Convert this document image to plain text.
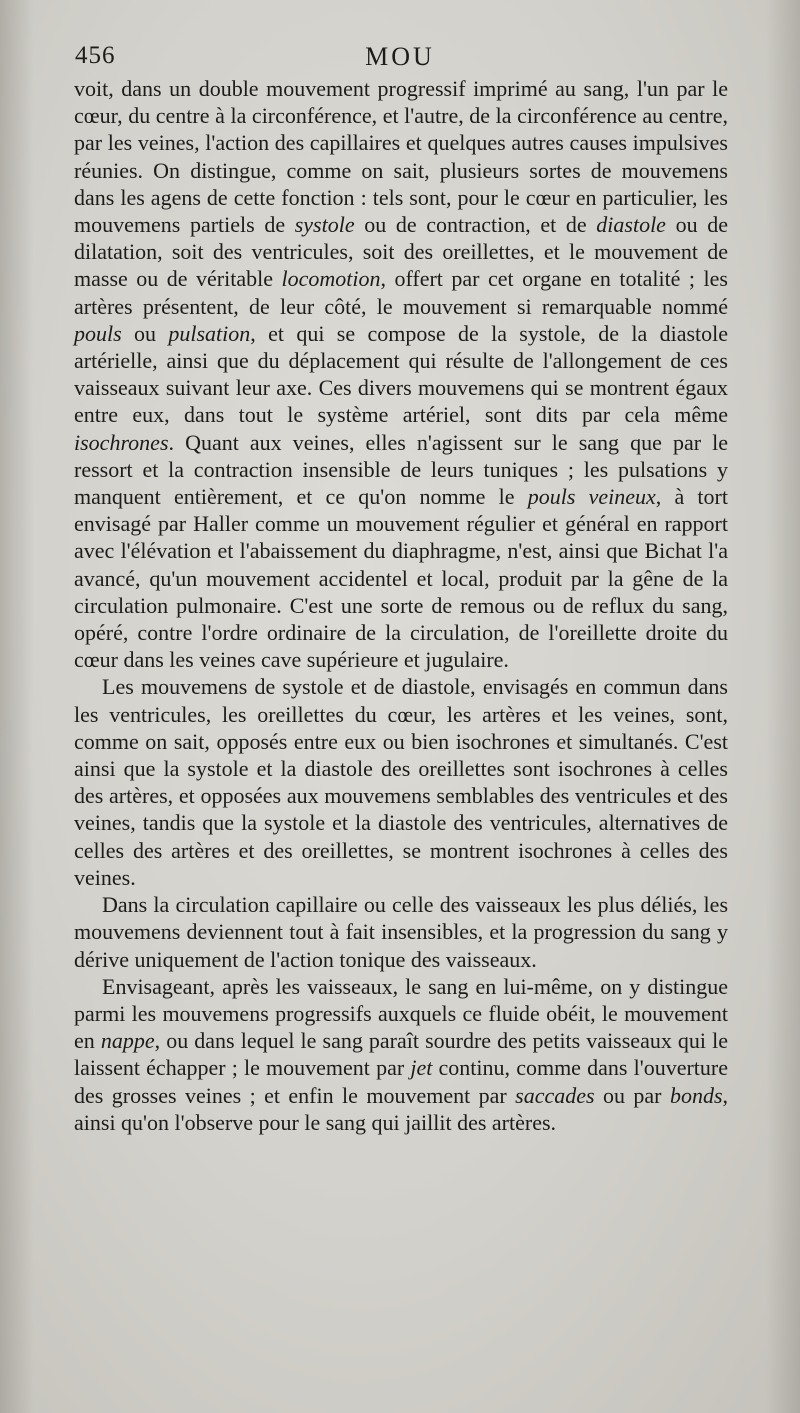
456	MOU

voit, dans un double mouvement progressif imprimé au sang, l'un par le cœur, du centre à la circonférence, et l'autre, de la circonférence au centre, par les veines, l'action des capillaires et quelques autres causes impulsives réunies. On distingue, comme on sait, plusieurs sortes de mouvemens dans les agens de cette fonction : tels sont, pour le cœur en particulier, les mouvemens partiels de systole ou de contraction, et de diastole ou de dilatation, soit des ventricules, soit des oreillettes, et le mouvement de masse ou de véritable locomotion, offert par cet organe en totalité ; les artères présentent, de leur côté, le mouvement si remarquable nommé pouls ou pulsation, et qui se compose de la systole, de la diastole artérielle, ainsi que du déplacement qui résulte de l'allongement de ces vaisseaux suivant leur axe. Ces divers mouvemens qui se montrent égaux entre eux, dans tout le système artériel, sont dits par cela même isochrones. Quant aux veines, elles n'agissent sur le sang que par le ressort et la contraction insensible de leurs tuniques ; les pulsations y manquent entièrement, et ce qu'on nomme le pouls veineux, à tort envisagé par Haller comme un mouvement régulier et général en rapport avec l'élévation et l'abaissement du diaphragme, n'est, ainsi que Bichat l'a avancé, qu'un mouvement accidentel et local, produit par la gêne de la circulation pulmonaire. C'est une sorte de remous ou de reflux du sang, opéré, contre l'ordre ordinaire de la circulation, de l'oreillette droite du cœur dans les veines cave supérieure et jugulaire.

Les mouvemens de systole et de diastole, envisagés en commun dans les ventricules, les oreillettes du cœur, les artères et les veines, sont, comme on sait, opposés entre eux ou bien isochrones et simultanés. C'est ainsi que la systole et la diastole des oreillettes sont isochrones à celles des artères, et opposées aux mouvemens semblables des ventricules et des veines, tandis que la systole et la diastole des ventricules, alternatives de celles des artères et des oreillettes, se montrent isochrones à celles des veines.

Dans la circulation capillaire ou celle des vaisseaux les plus déliés, les mouvemens deviennent tout à fait insensibles, et la progression du sang y dérive uniquement de l'action tonique des vaisseaux.

Envisageant, après les vaisseaux, le sang en lui-même, on y distingue parmi les mouvemens progressifs auxquels ce fluide obéit, le mouvement en nappe, ou dans lequel le sang paraît sourdre des petits vaisseaux qui le laissent échapper ; le mouvement par jet continu, comme dans l'ouverture des grosses veines ; et enfin le mouvement par saccades ou par bonds, ainsi qu'on l'observe pour le sang qui jaillit des artères.
